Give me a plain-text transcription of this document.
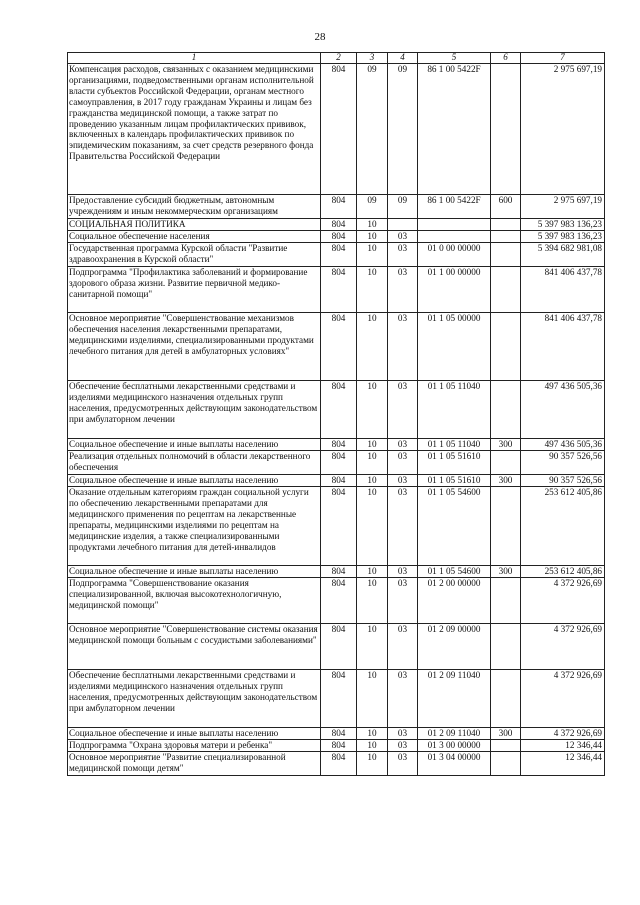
28
1	2	3	4	5	6	7
Компенсация расходов, связанных с оказанием медицинскими организациями, подведомственными органам исполнительной власти субъектов Российской Федерации, органам местного самоуправления, в 2017 году гражданам Украины и лицам без гражданства медицинской помощи, а также затрат по проведению указанным лицам профилактических прививок, включенных в календарь профилактических прививок по эпидемическим показаниям, за счет средств резервного фонда Правительства Российской Федерации	804	09	09	86 1 00 5422F		2 975 697,19
Предоставление субсидий бюджетным, автономным учреждениям и иным некоммерческим организациям	804	09	09	86 1 00 5422F	600	2 975 697,19
СОЦИАЛЬНАЯ ПОЛИТИКА	804	10				5 397 983 136,23
Социальное обеспечение населения	804	10	03			5 397 983 136,23
Государственная программа Курской области "Развитие здравоохранения в Курской области"	804	10	03	01 0 00 00000		5 394 682 981,08
Подпрограмма "Профилактика заболеваний и формирование здорового образа жизни. Развитие первичной медико-санитарной помощи"	804	10	03	01 1 00 00000		841 406 437,78
Основное мероприятие "Совершенствование механизмов обеспечения населения лекарственными препаратами, медицинскими изделиями, специализированными продуктами лечебного питания для детей в амбулаторных условиях"	804	10	03	01 1 05 00000		841 406 437,78
Обеспечение бесплатными лекарственными средствами и изделиями медицинского назначения отдельных групп населения, предусмотренных действующим законодательством при амбулаторном лечении	804	10	03	01 1 05 11040		497 436 505,36
Социальное обеспечение и иные выплаты населению	804	10	03	01 1 05 11040	300	497 436 505,36
Реализация отдельных полномочий в области лекарственного обеспечения	804	10	03	01 1 05 51610		90 357 526,56
Социальное обеспечение и иные выплаты населению	804	10	03	01 1 05 51610	300	90 357 526,56
Оказание отдельным категориям граждан социальной услуги по обеспечению лекарственными препаратами для медицинского применения по рецептам на лекарственные препараты, медицинскими изделиями по рецептам на медицинские изделия, а также специализированными продуктами лечебного питания для детей-инвалидов	804	10	03	01 1 05 54600		253 612 405,86
Социальное обеспечение и иные выплаты населению	804	10	03	01 1 05 54600	300	253 612 405,86
Подпрограмма "Совершенствование оказания специализированной, включая высокотехнологичную, медицинской помощи"	804	10	03	01 2 00 00000		4 372 926,69
Основное мероприятие "Совершенствование системы оказания медицинской помощи больным с сосудистыми заболеваниями"	804	10	03	01 2 09 00000		4 372 926,69
Обеспечение бесплатными лекарственными средствами и изделиями медицинского назначения отдельных групп населения, предусмотренных действующим законодательством при амбулаторном лечении	804	10	03	01 2 09 11040		4 372 926,69
Социальное обеспечение и иные выплаты населению	804	10	03	01 2 09 11040	300	4 372 926,69
Подпрограмма "Охрана здоровья матери и ребенка"	804	10	03	01 3 00 00000		12 346,44
Основное мероприятие "Развитие специализированной медицинской помощи детям"	804	10	03	01 3 04 00000		12 346,44
